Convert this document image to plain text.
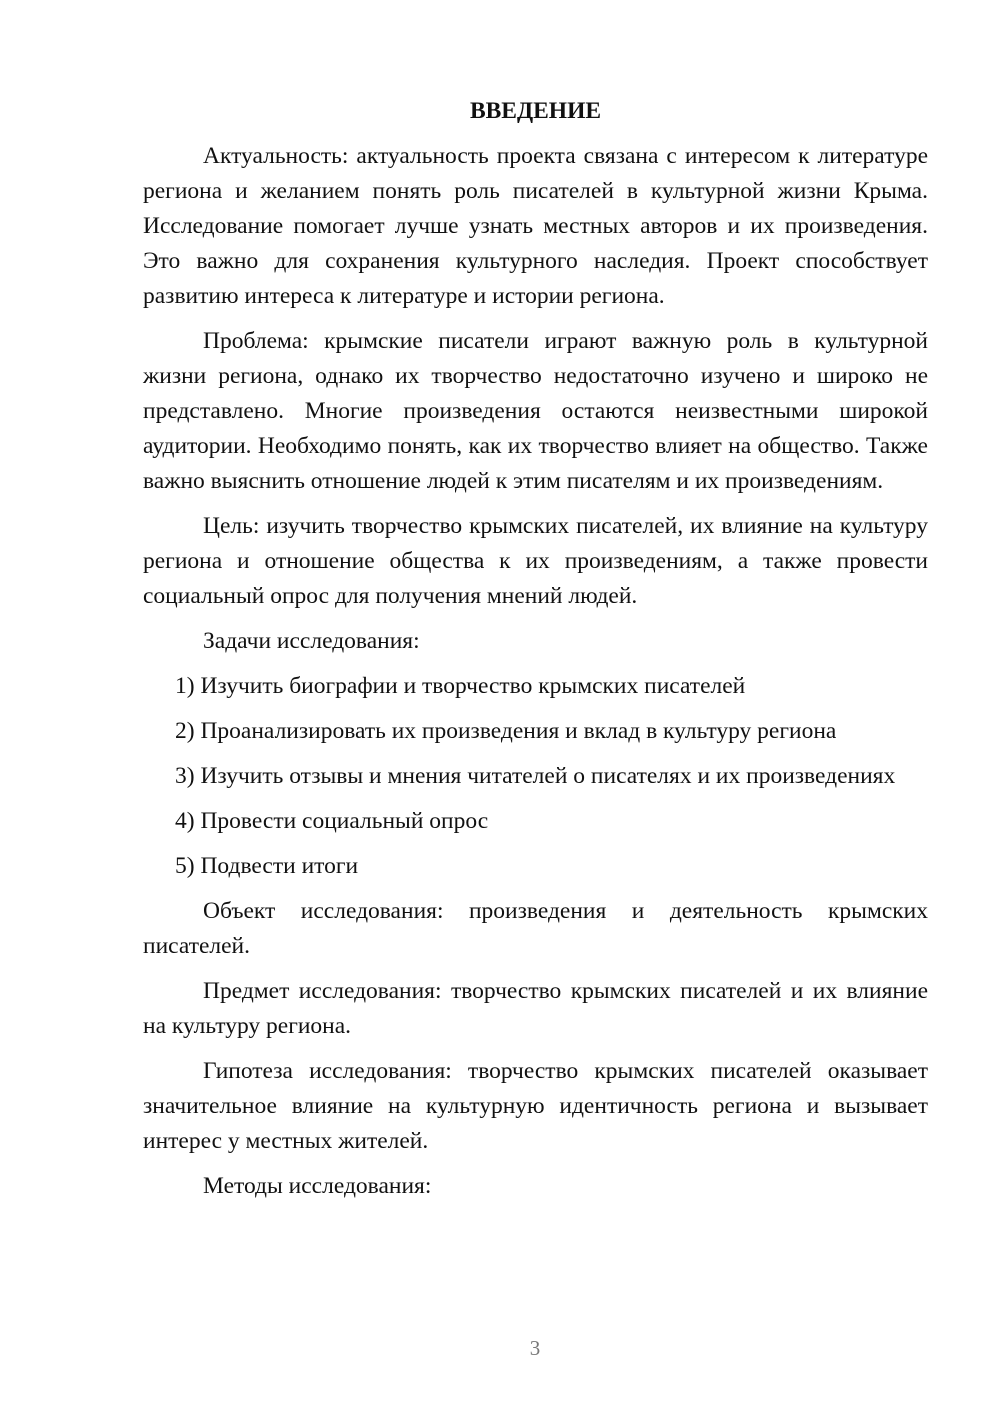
ВВЕДЕНИЕ

Актуальность: актуальность проекта связана с интересом к литературе региона и желанием понять роль писателей в культурной жизни Крыма. Исследование помогает лучше узнать местных авторов и их произведения. Это важно для сохранения культурного наследия. Проект способствует развитию интереса к литературе и истории региона.

Проблема: крымские писатели играют важную роль в культурной жизни региона, однако их творчество недостаточно изучено и широко не представлено. Многие произведения остаются неизвестными широкой аудитории. Необходимо понять, как их творчество влияет на общество. Также важно выяснить отношение людей к этим писателям и их произведениям.

Цель: изучить творчество крымских писателей, их влияние на культуру региона и отношение общества к их произведениям, а также провести социальный опрос для получения мнений людей.

Задачи исследования:

1) Изучить биографии и творчество крымских писателей

2) Проанализировать их произведения и вклад в культуру региона

3) Изучить отзывы и мнения читателей о писателях и их произведениях

4) Провести социальный опрос

5) Подвести итоги

Объект исследования: произведения и деятельность крымских писателей.

Предмет исследования: творчество крымских писателей и их влияние на культуру региона.

Гипотеза исследования: творчество крымских писателей оказывает значительное влияние на культурную идентичность региона и вызывает интерес у местных жителей.

Методы исследования:

3
